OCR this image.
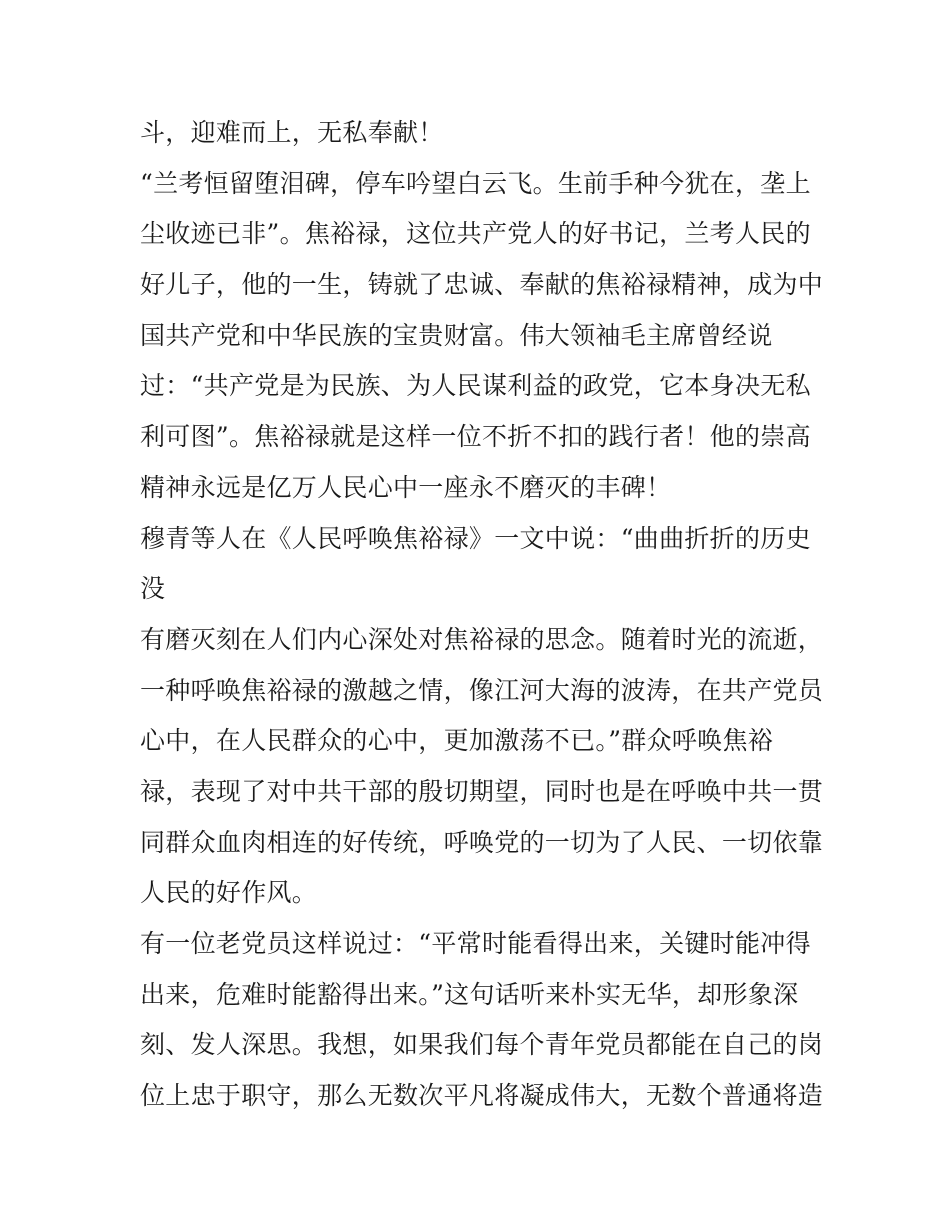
斗，迎难而上，无私奉献！
“兰考恒留堕泪碑，停车吟望白云飞。生前手种今犹在，垄上
尘收迹已非”。焦裕禄，这位共产党人的好书记，兰考人民的
好儿子，他的一生，铸就了忠诚、奉献的焦裕禄精神，成为中
国共产党和中华民族的宝贵财富。伟大领袖毛主席曾经说
过：“共产党是为民族、为人民谋利益的政党，它本身决无私
利可图”。焦裕禄就是这样一位不折不扣的践行者！他的崇高
精神永远是亿万人民心中一座永不磨灭的丰碑！
穆青等人在《人民呼唤焦裕禄》一文中说：“曲曲折折的历史
没
有磨灭刻在人们内心深处对焦裕禄的思念。随着时光的流逝，
一种呼唤焦裕禄的激越之情，像江河大海的波涛，在共产党员
心中，在人民群众的心中，更加激荡不已。”群众呼唤焦裕
禄，表现了对中共干部的殷切期望，同时也是在呼唤中共一贯
同群众血肉相连的好传统，呼唤党的一切为了人民、一切依靠
人民的好作风。
有一位老党员这样说过：“平常时能看得出来，关键时能冲得
出来，危难时能豁得出来。”这句话听来朴实无华，却形象深
刻、发人深思。我想，如果我们每个青年党员都能在自己的岗
位上忠于职守，那么无数次平凡将凝成伟大，无数个普通将造
